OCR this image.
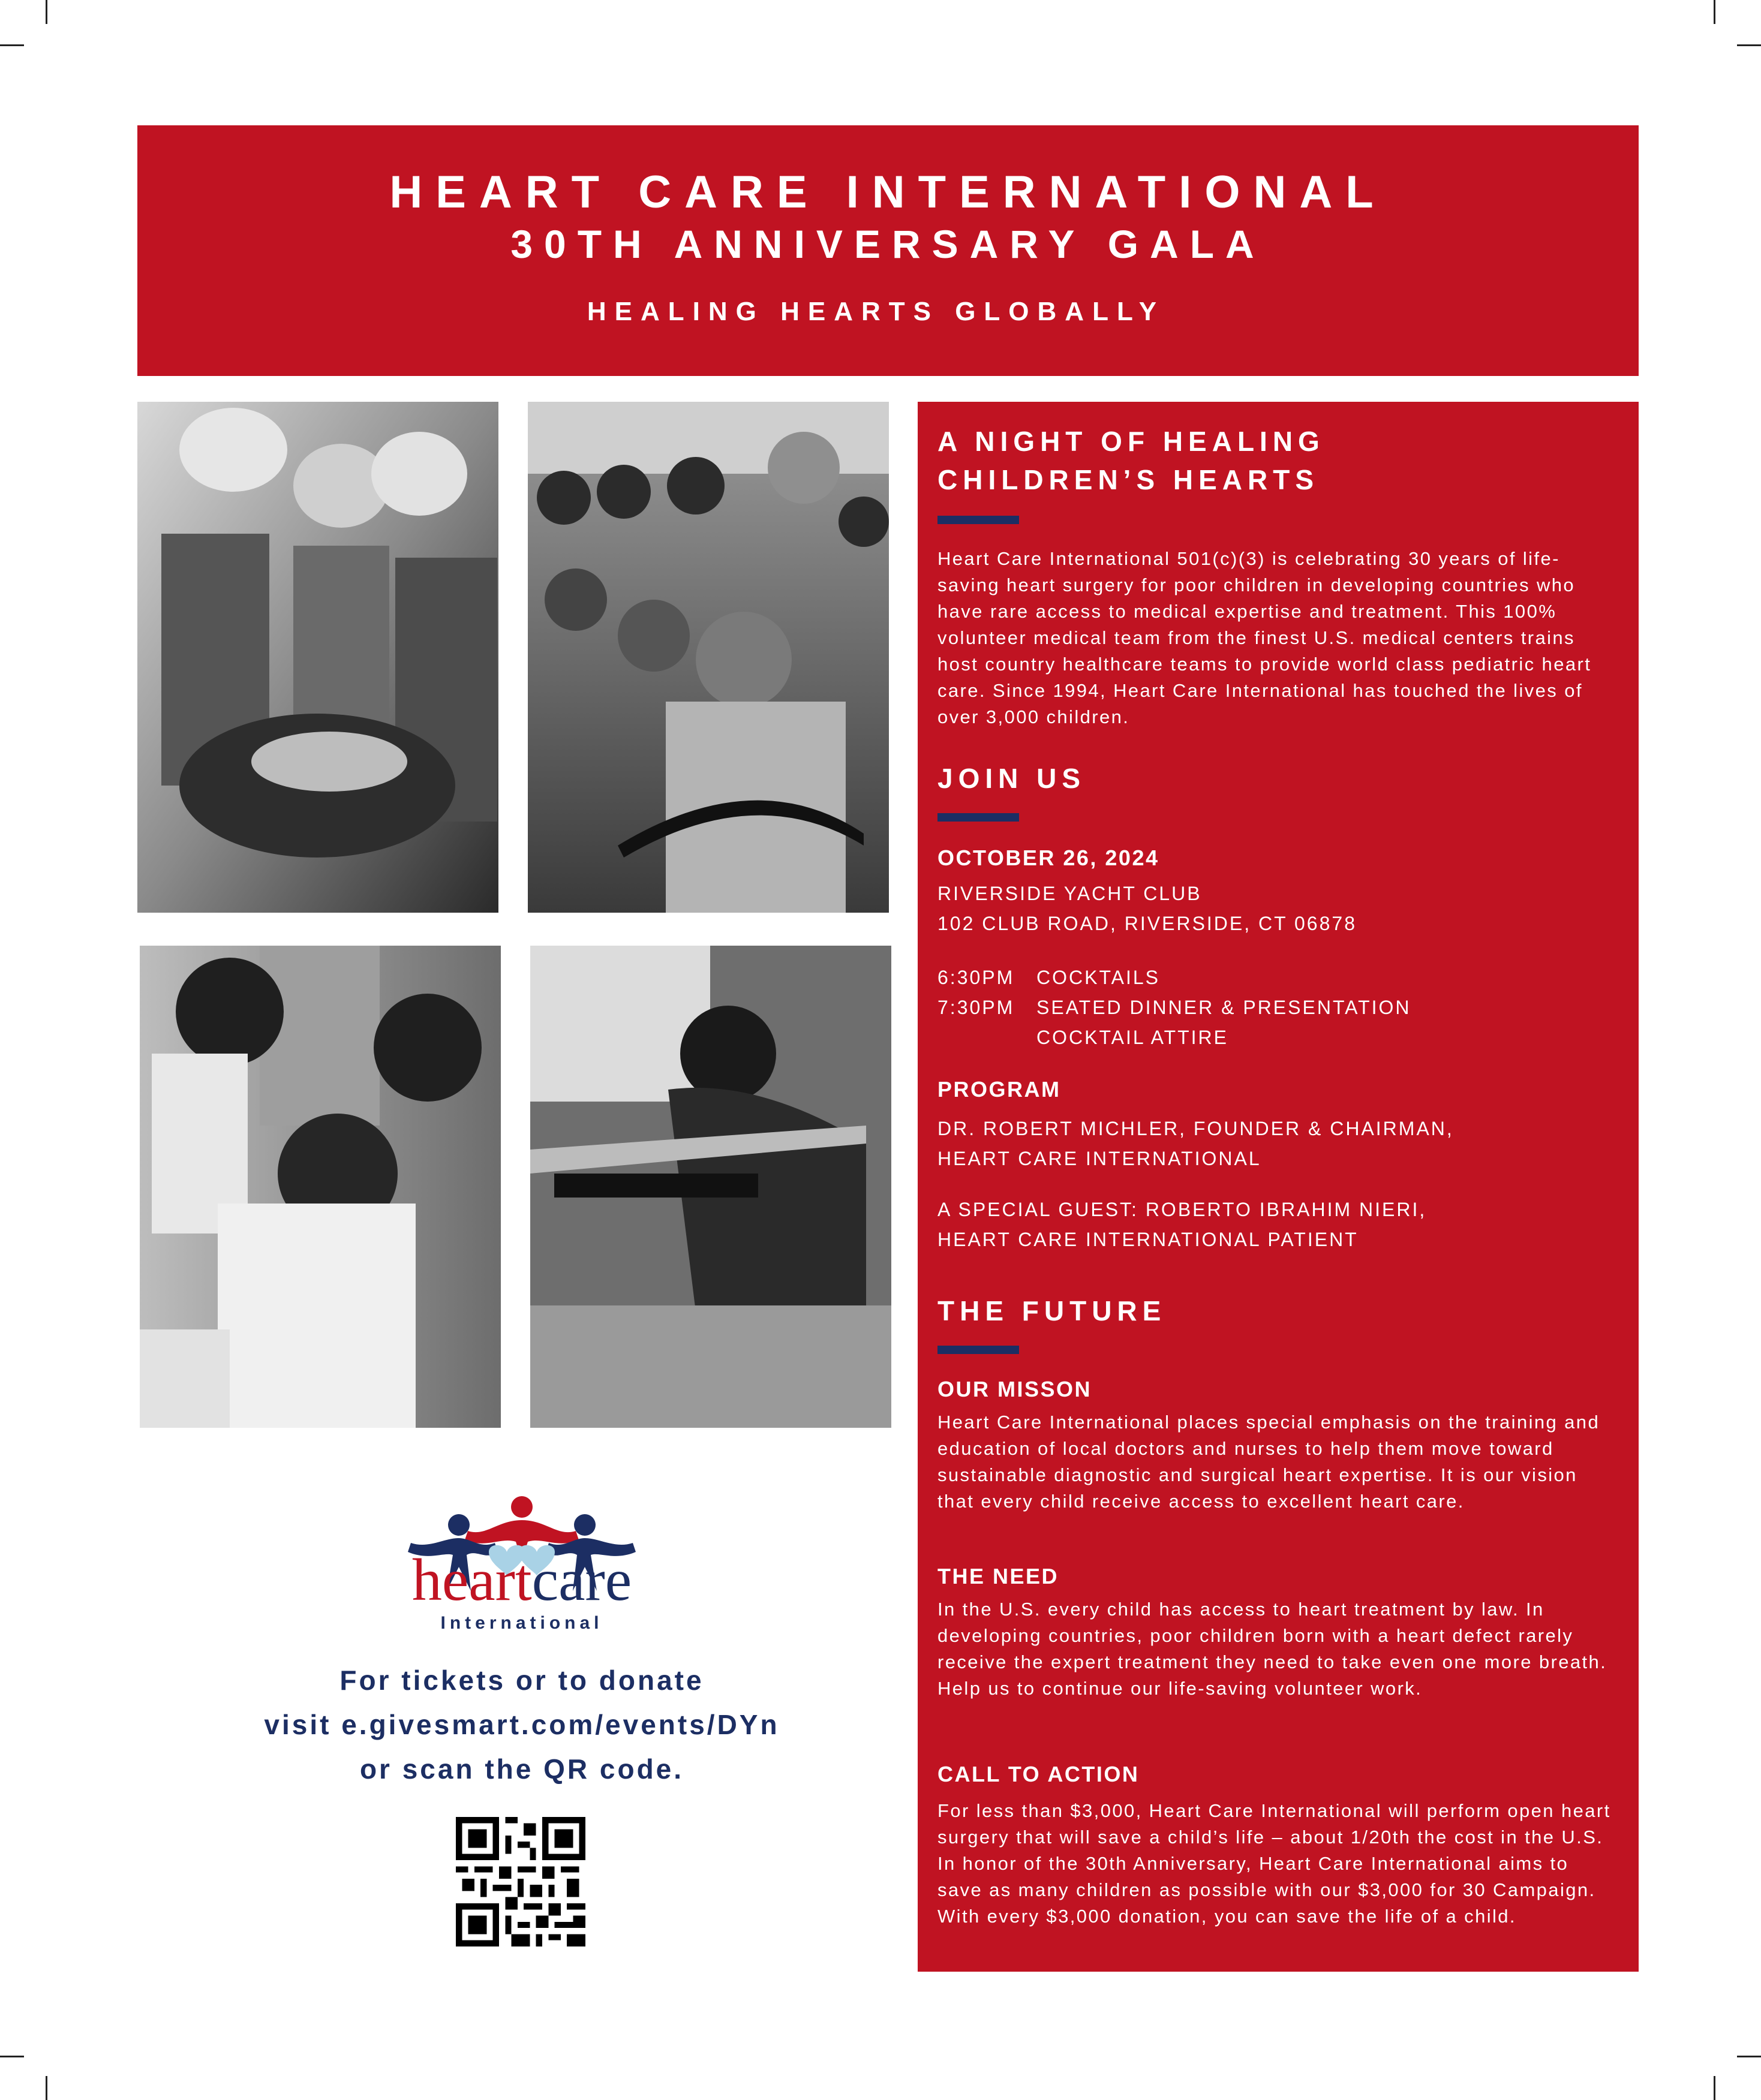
HEART CARE INTERNATIONAL
30TH ANNIVERSARY GALA
HEALING HEARTS GLOBALLY

A NIGHT OF HEALING

CHILDREN’S HEARTS

Heart Care International 501(c)(3) is celebrating 30 years of life-saving heart surgery for poor children in developing countries who have rare access to medical expertise and treatment. This 100% volunteer medical team from the finest U.S. medical centers trains host country healthcare teams to provide world class pediatric heart care. Since 1994, Heart Care International has touched the lives of over 3,000 children.

JOIN US

OCTOBER 26, 2024
RIVERSIDE YACHT CLUB
102 CLUB ROAD, RIVERSIDE, CT 06878
6:30PM COCKTAILS
7:30PM SEATED DINNER & PRESENTATION
COCKTAIL ATTIRE
PROGRAM
DR. ROBERT MICHLER, FOUNDER & CHAIRMAN,
HEART CARE INTERNATIONAL
A SPECIAL GUEST: ROBERTO IBRAHIM NIERI,
HEART CARE INTERNATIONAL PATIENT

THE FUTURE

OUR MISSON
Heart Care International places special emphasis on the training and education of local doctors and nurses to help them move toward sustainable diagnostic and surgical heart expertise. It is our vision that every child receive access to excellent heart care.
THE NEED
In the U.S. every child has access to heart treatment by law. In developing countries, poor children born with a heart defect rarely receive the expert treatment they need to take even one more breath. Help us to continue our life-saving volunteer work.
CALL TO ACTION
For less than $3,000, Heart Care International will perform open heart surgery that will save a child’s life – about 1/20th the cost in the U.S. In honor of the 30th Anniversary, Heart Care International aims to save as many children as possible with our $3,000 for 30 Campaign. With every $3,000 donation, you can save the life of a child.
heartcare
International
For tickets or to donate
visit e.givesmart.com/events/DYn
or scan the QR code.
